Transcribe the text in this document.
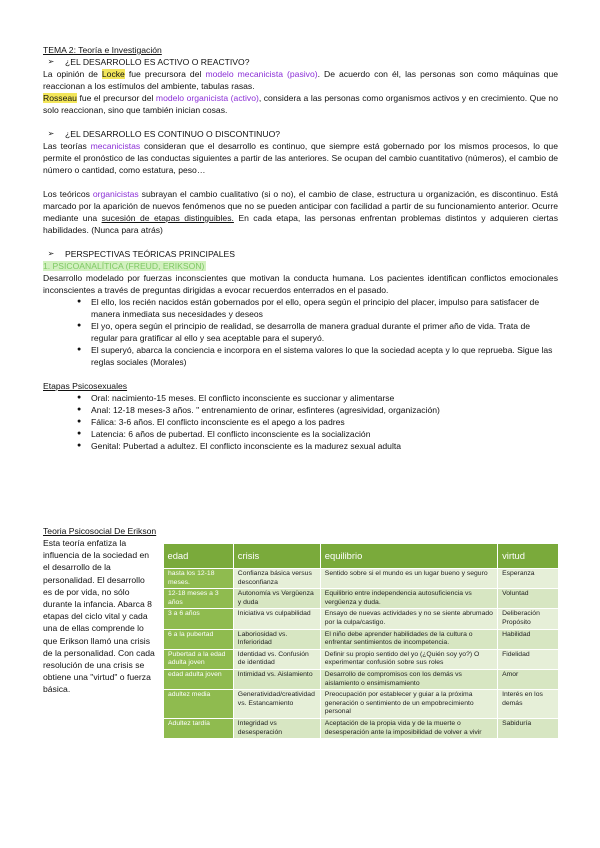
TEMA 2: Teoría e Investigación

➢	¿EL DESARROLLO ES ACTIVO O REACTIVO?

La opinión de Locke fue precursora del modelo mecanicista (pasivo). De acuerdo con él, las personas son como máquinas que reaccionan a los estímulos del ambiente, tabulas rasas.

Rosseau fue el precursor del modelo organicista (activo), considera a las personas como organismos activos y en crecimiento. Que no solo reaccionan, sino que también inician cosas.

➢	¿EL DESARROLLO ES CONTINUO O DISCONTINUO?

Las teorías mecanicistas consideran que el desarrollo es continuo, que siempre está gobernado por los mismos procesos, lo que permite el pronóstico de las conductas siguientes a partir de las anteriores. Se ocupan del cambio cuantitativo (números), el cambio de número o cantidad, como estatura, peso…

Los teóricos organicistas subrayan el cambio cualitativo (si o no), el cambio de clase, estructura u organización, es discontinuo. Está marcado por la aparición de nuevos fenómenos que no se pueden anticipar con facilidad a partir de su funcionamiento anterior. Ocurre mediante una sucesión de etapas distinguibles. En cada etapa, las personas enfrentan problemas distintos y adquieren ciertas habilidades. (Nunca para atrás)

➢	PERSPECTIVAS TEÓRICAS PRINCIPALES

1. PSICOANALÍTICA (FREUD, ERIKSON)

Desarrollo modelado por fuerzas inconscientes que motivan la conducta humana. Los pacientes identifican conflictos emocionales inconscientes a través de preguntas dirigidas a evocar recuerdos enterrados en el pasado.

● El ello, los recién nacidos están gobernados por el ello, opera según el principio del placer, impulso para satisfacer de manera inmediata sus necesidades y deseos
● El yo, opera según el principio de realidad, se desarrolla de manera gradual durante el primer año de vida. Trata de regular para gratificar al ello y sea aceptable para el superyó.
● El superyó, abarca la conciencia e incorpora en el sistema valores lo que la sociedad acepta y lo que reprueba. Sigue las reglas sociales (Morales)

Etapas Psicosexuales

● Oral: nacimiento-15 meses. El conflicto inconsciente es succionar y alimentarse
● Anal: 12-18 meses-3 años. " entrenamiento de orinar, esfinteres (agresividad, organización)
● Fálica: 3-6 años. El conflicto inconsciente es el apego a los padres
● Latencia: 6 años de pubertad. El conflicto inconsciente es la socialización
● Genital: Pubertad a adultez. El conflicto inconsciente es la madurez sexual adulta

Teoria Psicosocial De Erikson

Esta teoría enfatiza la influencia de la sociedad en el desarrollo de la personalidad. El desarrollo es de por vida, no sólo durante la infancia. Abarca 8 etapas del ciclo vital y cada una de ellas comprende lo que Erikson llamó una crisis de la personalidad. Con cada resolución de una crisis se obtiene una "virtud" o fuerza básica.

edad	crisis	equilibrio	virtud
hasta los 12-18 meses.	Confianza básica versus desconfianza	Sentido sobre si el mundo es un lugar bueno y seguro	Esperanza
12-18 meses a 3 años	Autonomía vs Vergüenza y duda	Equilibrio entre independencia autosuficiencia vs vergüenza y duda.	Voluntad
3 a 6 años	Iniciativa vs culpabilidad	Ensayo de nuevas actividades y no se siente abrumado por la culpa/castigo.	Deliberación Propósito
6 a la pubertad	Laboriosidad vs. Inferioridad	El niño debe aprender habilidades de la cultura o enfrentar sentimientos de incompetencia.	Habilidad
Pubertad a la edad adulta joven	Identidad vs. Confusión de identidad	Definir su propio sentido del yo (¿Quién soy yo?) O experimentar confusión sobre sus roles	Fidelidad
edad adulta joven	Intimidad vs. Aislamiento	Desarrollo de compromisos con los demás vs aislamiento o ensimismamiento	Amor
adultez media	Generatividad/creatividad vs. Estancamiento	Preocupación por establecer y guiar a la próxima generación o sentimiento de un empobrecimiento personal	Interés en los demás
Adultez tardía	Integridad vs desesperación	Aceptación de la propia vida y de la muerte o desesperación ante la imposibilidad de volver a vivir	Sabiduría
